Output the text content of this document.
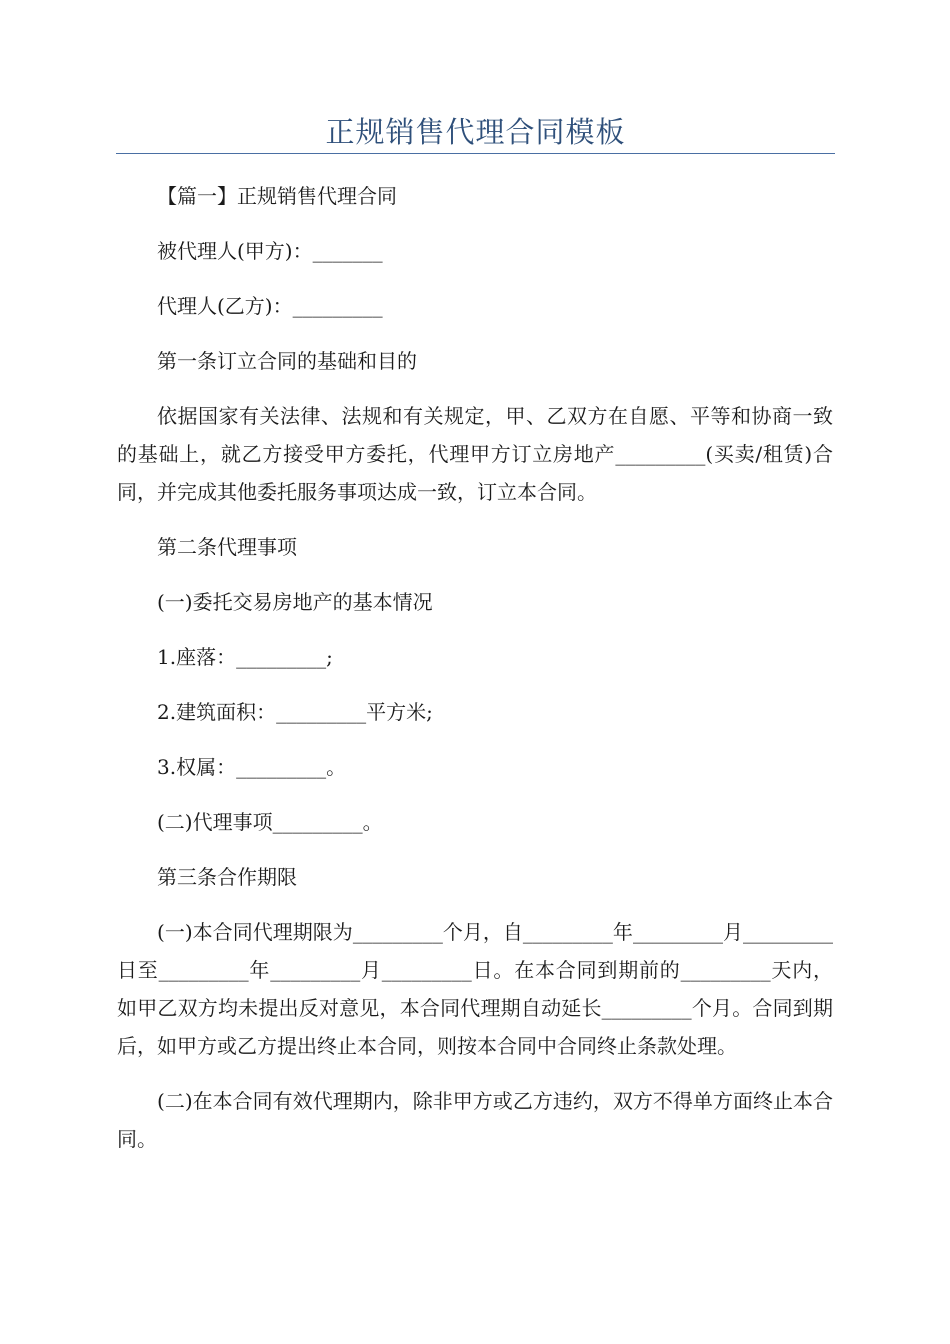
正规销售代理合同模板

【篇一】正规销售代理合同

被代理人(甲方)：_______

代理人(乙方)：_________

第一条订立合同的基础和目的

依据国家有关法律、法规和有关规定，甲、乙双方在自愿、平等和协商一致的基础上，就乙方接受甲方委托，代理甲方订立房地产_________(买卖/租赁)合同，并完成其他委托服务事项达成一致，订立本合同。

第二条代理事项

(一)委托交易房地产的基本情况

1.座落：_________;

2.建筑面积：_________平方米;

3.权属：_________。

(二)代理事项_________。

第三条合作期限

(一)本合同代理期限为_________个月，自_________年_________月_________日至_________年_________月_________日。在本合同到期前的_________天内，如甲乙双方均未提出反对意见，本合同代理期自动延长_________个月。合同到期后，如甲方或乙方提出终止本合同，则按本合同中合同终止条款处理。

(二)在本合同有效代理期内，除非甲方或乙方违约，双方不得单方面终止本合同。
